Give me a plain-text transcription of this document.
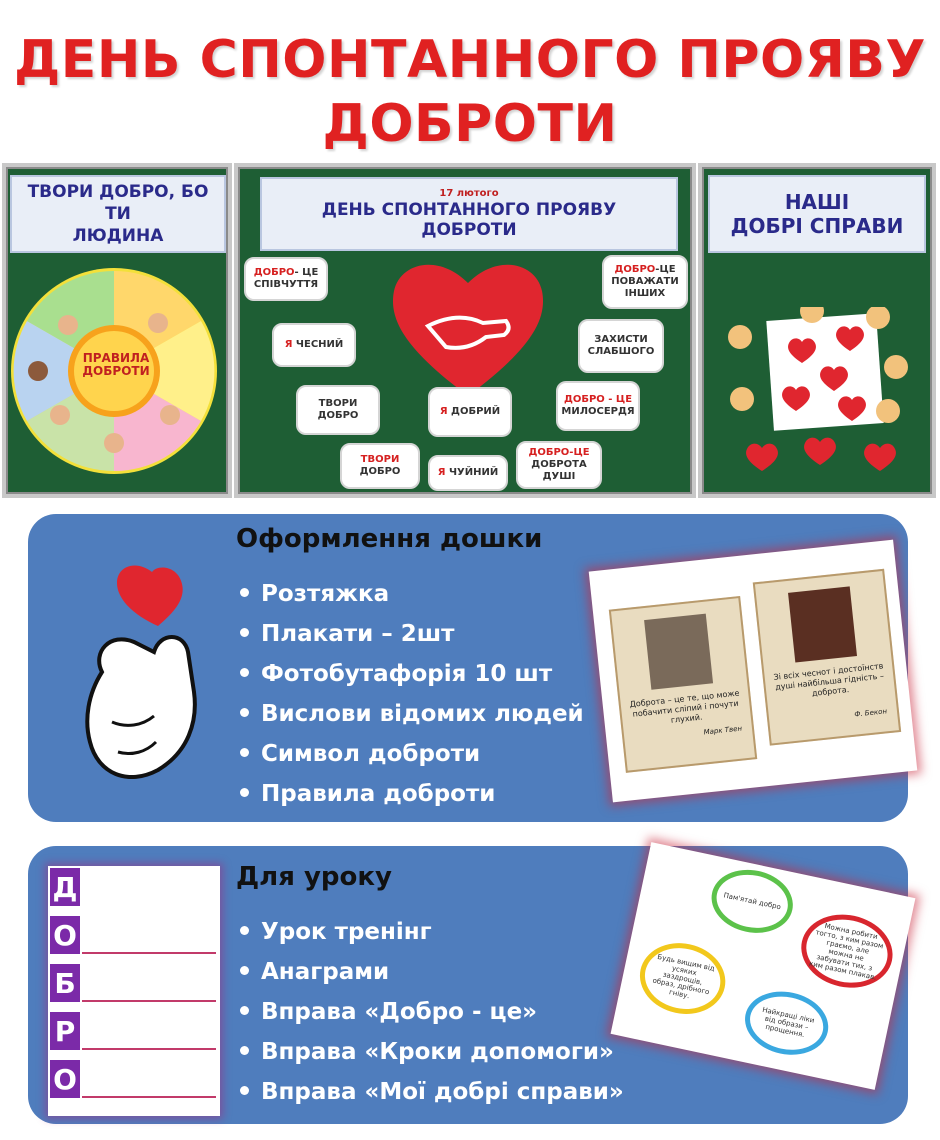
ДЕНЬ СПОНТАННОГО ПРОЯВУ
ДОБРОТИ
ТВОРИ ДОБРО, БО ТИ
ЛЮДИНА
ПРАВИЛА
ДОБРОТИ
17 лютого
ДЕНЬ СПОНТАННОГО ПРОЯВУ
ДОБРОТИ
ДОБРО- ЦЕ СПІВЧУТТЯ
Я ЧЕСНИЙ
ТВОРИ ДОБРО
ТВОРИ ДОБРО
Я ДОБРИЙ
Я ЧУЙНИЙ
ДОБРО-ЦЕ ДОБРОТА ДУШІ
ДОБРО - ЦЕ МИЛОСЕРДЯ
ЗАХИСТИ СЛАБШОГО
ДОБРО-ЦЕ ПОВАЖАТИ ІНШИХ
НАШІ
ДОБРІ СПРАВИ
Оформлення дошки
Розтяжка
Плакати – 2шт
Фотобутафорія 10 шт
Вислови відомих людей
Символ доброти
Правила доброти
Доброта – це те, що може побачити сліпий і почути глухий.
Марк Твен
Зі всіх чеснот і достоїнств душі найбільша гідність – доброта.
Ф. Бекон
Д
О
Б
Р
О
Для уроку
Урок тренінг
Анаграми
Вправа «Добро - це»
Вправа «Кроки допомоги»
Вправа «Мої добрі справи»
Пам'ятай добро
Можна робити тогто, з ким разом граємо, але можна не забувати тих, з ким разом плакав.
Будь вищим від усяких заздрощів, образ, дрібного гніву.
Найкращі ліки від образи – прощення.
